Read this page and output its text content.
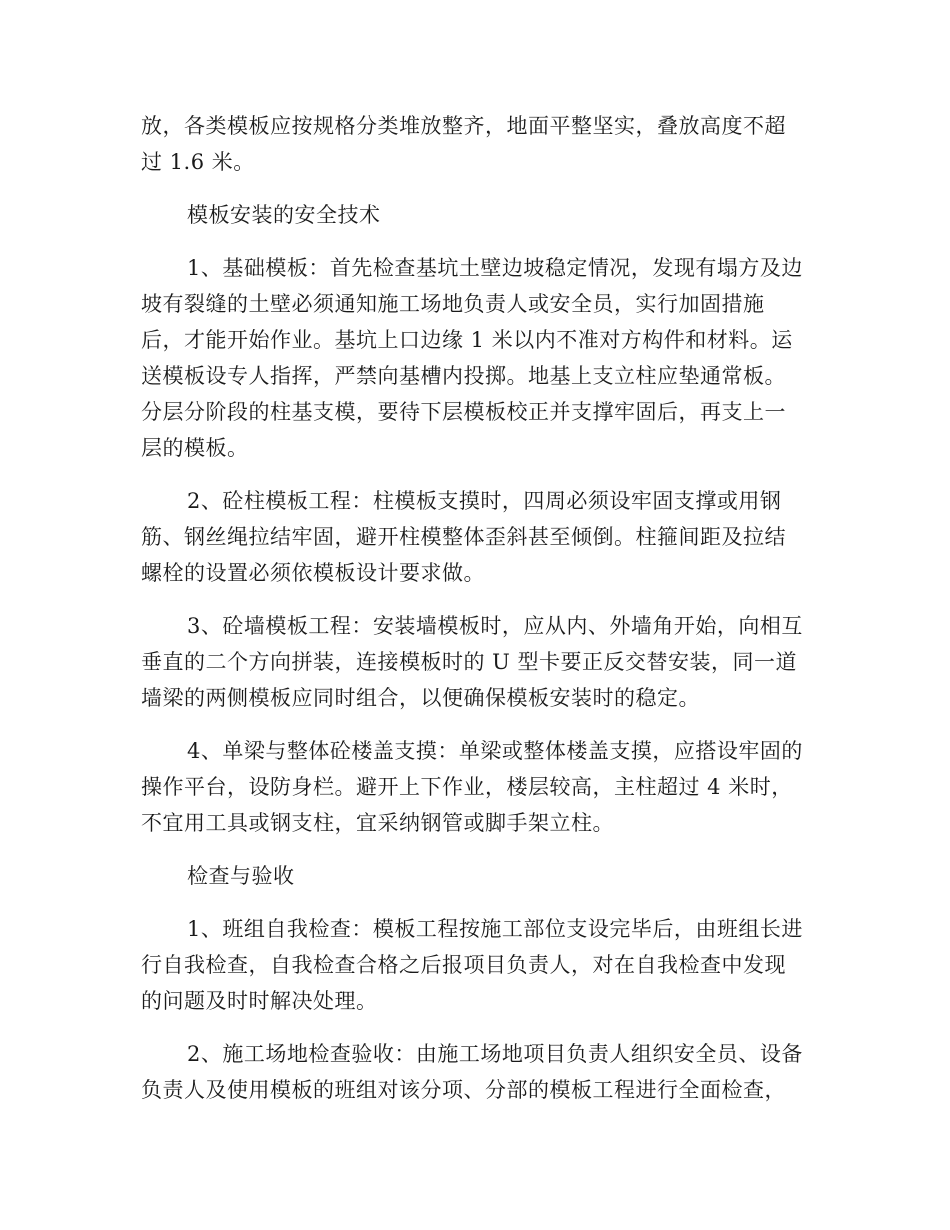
放，各类模板应按规格分类堆放整齐，地面平整坚实，叠放高度不超
过 1.6 米。
模板安装的安全技术
1、基础模板：首先检查基坑土壁边坡稳定情况，发现有塌方及边
坡有裂缝的土壁必须通知施工场地负责人或安全员，实行加固措施
后，才能开始作业。基坑上口边缘 1 米以内不准对方构件和材料。运
送模板设专人指挥，严禁向基槽内投掷。地基上支立柱应垫通常板。
分层分阶段的柱基支模，要待下层模板校正并支撑牢固后，再支上一
层的模板。
2、砼柱模板工程：柱模板支摸时，四周必须设牢固支撑或用钢
筋、钢丝绳拉结牢固，避开柱模整体歪斜甚至倾倒。柱箍间距及拉结
螺栓的设置必须依模板设计要求做。
3、砼墙模板工程：安装墙模板时，应从内、外墙角开始，向相互
垂直的二个方向拼装，连接模板时的 U 型卡要正反交替安装，同一道
墙梁的两侧模板应同时组合，以便确保模板安装时的稳定。
4、单梁与整体砼楼盖支摸：单梁或整体楼盖支摸，应搭设牢固的
操作平台，设防身栏。避开上下作业，楼层较高，主柱超过 4 米时，
不宜用工具或钢支柱，宜采纳钢管或脚手架立柱。
检查与验收
1、班组自我检查：模板工程按施工部位支设完毕后，由班组长进
行自我检查，自我检查合格之后报项目负责人，对在自我检查中发现
的问题及时时解决处理。
2、施工场地检查验收：由施工场地项目负责人组织安全员、设备
负责人及使用模板的班组对该分项、分部的模板工程进行全面检查，
